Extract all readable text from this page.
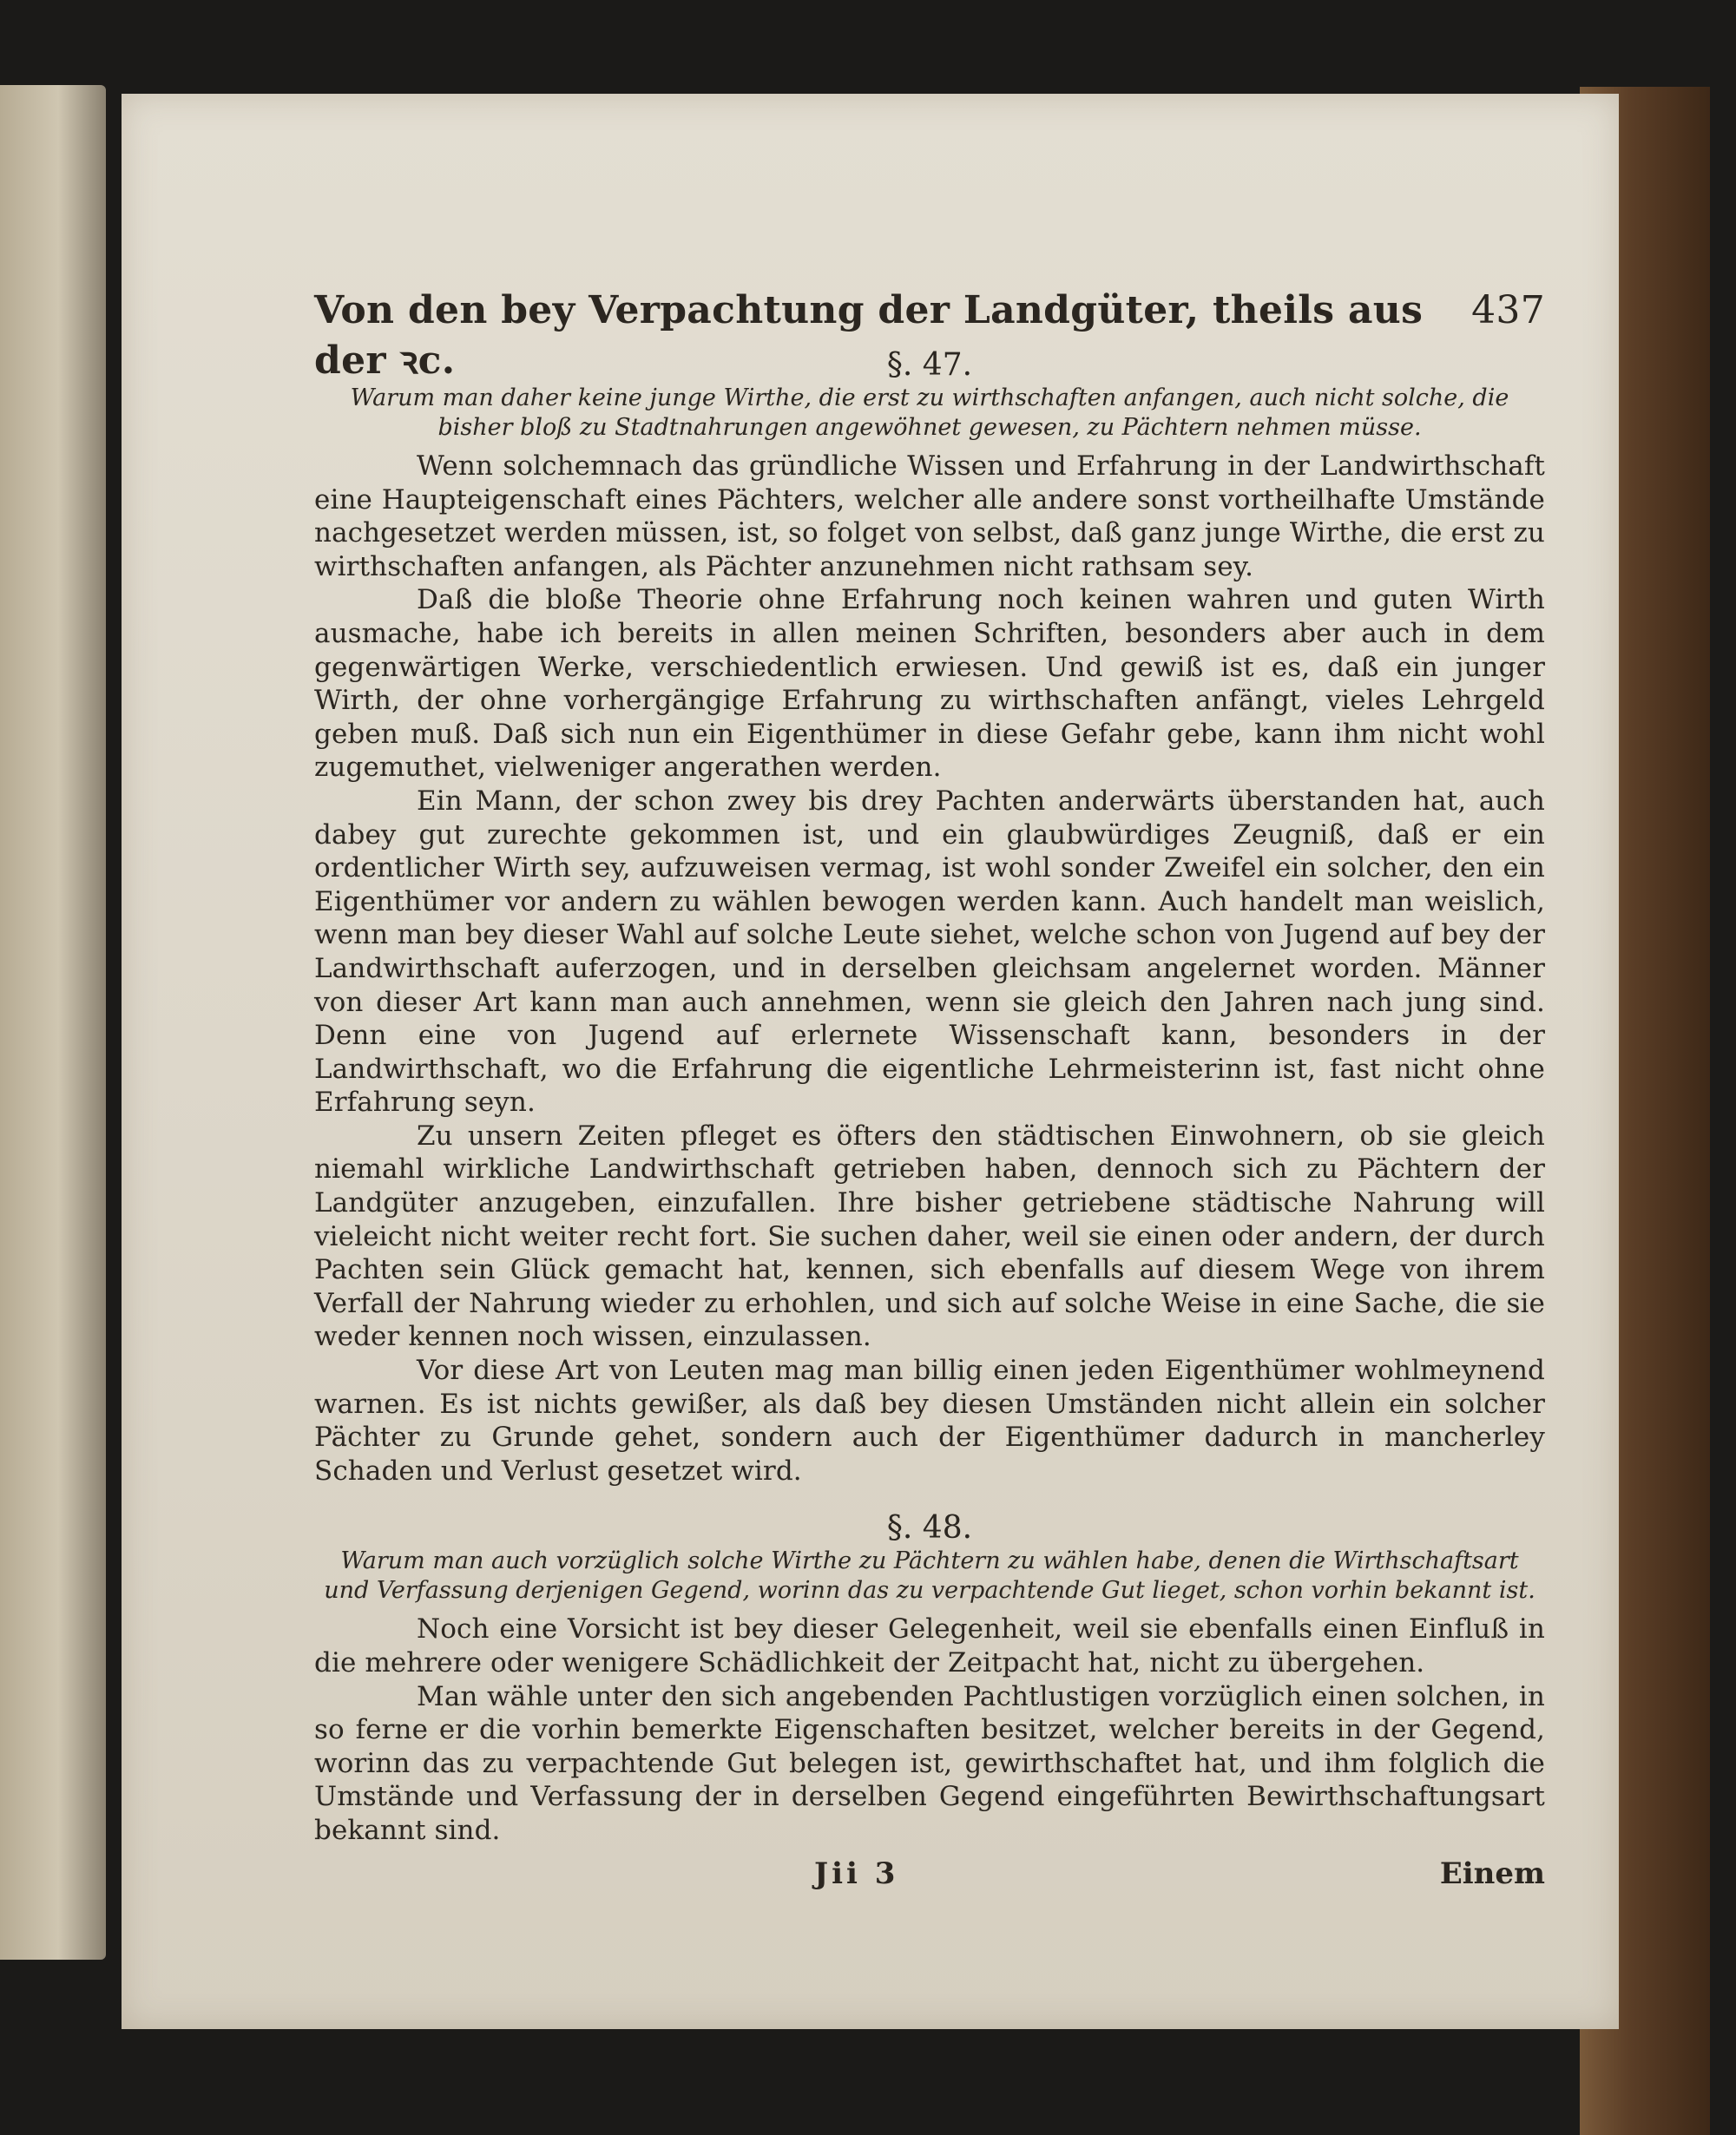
Von den bey Verpachtung der Landgüter, theils aus der ꝛc.
437
§. 47.
Warum man daher keine junge Wirthe, die erst zu wirthschaften anfangen, auch nicht solche, die bisher bloß zu Stadtnahrungen angewöhnet gewesen, zu Pächtern nehmen müsse.

Wenn solchemnach das gründliche Wissen und Erfahrung in der Landwirthschaft eine Haupteigenschaft eines Pächters, welcher alle andere sonst vortheilhafte Umstände nachgesetzet werden müssen, ist, so folget von selbst, daß ganz junge Wirthe, die erst zu wirthschaften anfangen, als Pächter anzunehmen nicht rathsam sey.

Daß die bloße Theorie ohne Erfahrung noch keinen wahren und guten Wirth ausmache, habe ich bereits in allen meinen Schriften, besonders aber auch in dem gegenwärtigen Werke, verschiedentlich erwiesen. Und gewiß ist es, daß ein junger Wirth, der ohne vorhergängige Erfahrung zu wirthschaften anfängt, vieles Lehrgeld geben muß. Daß sich nun ein Eigenthümer in diese Gefahr gebe, kann ihm nicht wohl zugemuthet, vielweniger angerathen werden.

Ein Mann, der schon zwey bis drey Pachten anderwärts überstanden hat, auch dabey gut zurechte gekommen ist, und ein glaubwürdiges Zeugniß, daß er ein ordentlicher Wirth sey, aufzuweisen vermag, ist wohl sonder Zweifel ein solcher, den ein Eigenthümer vor andern zu wählen bewogen werden kann. Auch handelt man weislich, wenn man bey dieser Wahl auf solche Leute siehet, welche schon von Jugend auf bey der Landwirthschaft auferzogen, und in derselben gleichsam angelernet worden. Männer von dieser Art kann man auch annehmen, wenn sie gleich den Jahren nach jung sind. Denn eine von Jugend auf erlernete Wissenschaft kann, besonders in der Landwirthschaft, wo die Erfahrung die eigentliche Lehrmeisterinn ist, fast nicht ohne Erfahrung seyn.

Zu unsern Zeiten pfleget es öfters den städtischen Einwohnern, ob sie gleich niemahl wirkliche Landwirthschaft getrieben haben, dennoch sich zu Pächtern der Landgüter anzugeben, einzufallen. Ihre bisher getriebene städtische Nahrung will vieleicht nicht weiter recht fort. Sie suchen daher, weil sie einen oder andern, der durch Pachten sein Glück gemacht hat, kennen, sich ebenfalls auf diesem Wege von ihrem Verfall der Nahrung wieder zu erhohlen, und sich auf solche Weise in eine Sache, die sie weder kennen noch wissen, einzulassen.

Vor diese Art von Leuten mag man billig einen jeden Eigenthümer wohlmeynend warnen. Es ist nichts gewißer, als daß bey diesen Umständen nicht allein ein solcher Pächter zu Grunde gehet, sondern auch der Eigenthümer dadurch in mancherley Schaden und Verlust gesetzet wird.

§. 48.
Warum man auch vorzüglich solche Wirthe zu Pächtern zu wählen habe, denen die Wirthschaftsart und Verfassung derjenigen Gegend, worinn das zu verpachtende Gut lieget, schon vorhin bekannt ist.

Noch eine Vorsicht ist bey dieser Gelegenheit, weil sie ebenfalls einen Einfluß in die mehrere oder wenigere Schädlichkeit der Zeitpacht hat, nicht zu übergehen.

Man wähle unter den sich angebenden Pachtlustigen vorzüglich einen solchen, in so ferne er die vorhin bemerkte Eigenschaften besitzet, welcher bereits in der Gegend, worinn das zu verpachtende Gut belegen ist, gewirthschaftet hat, und ihm folglich die Umstände und Verfassung der in derselben Gegend eingeführten Bewirthschaftungsart bekannt sind.

Jii 3	Einem
